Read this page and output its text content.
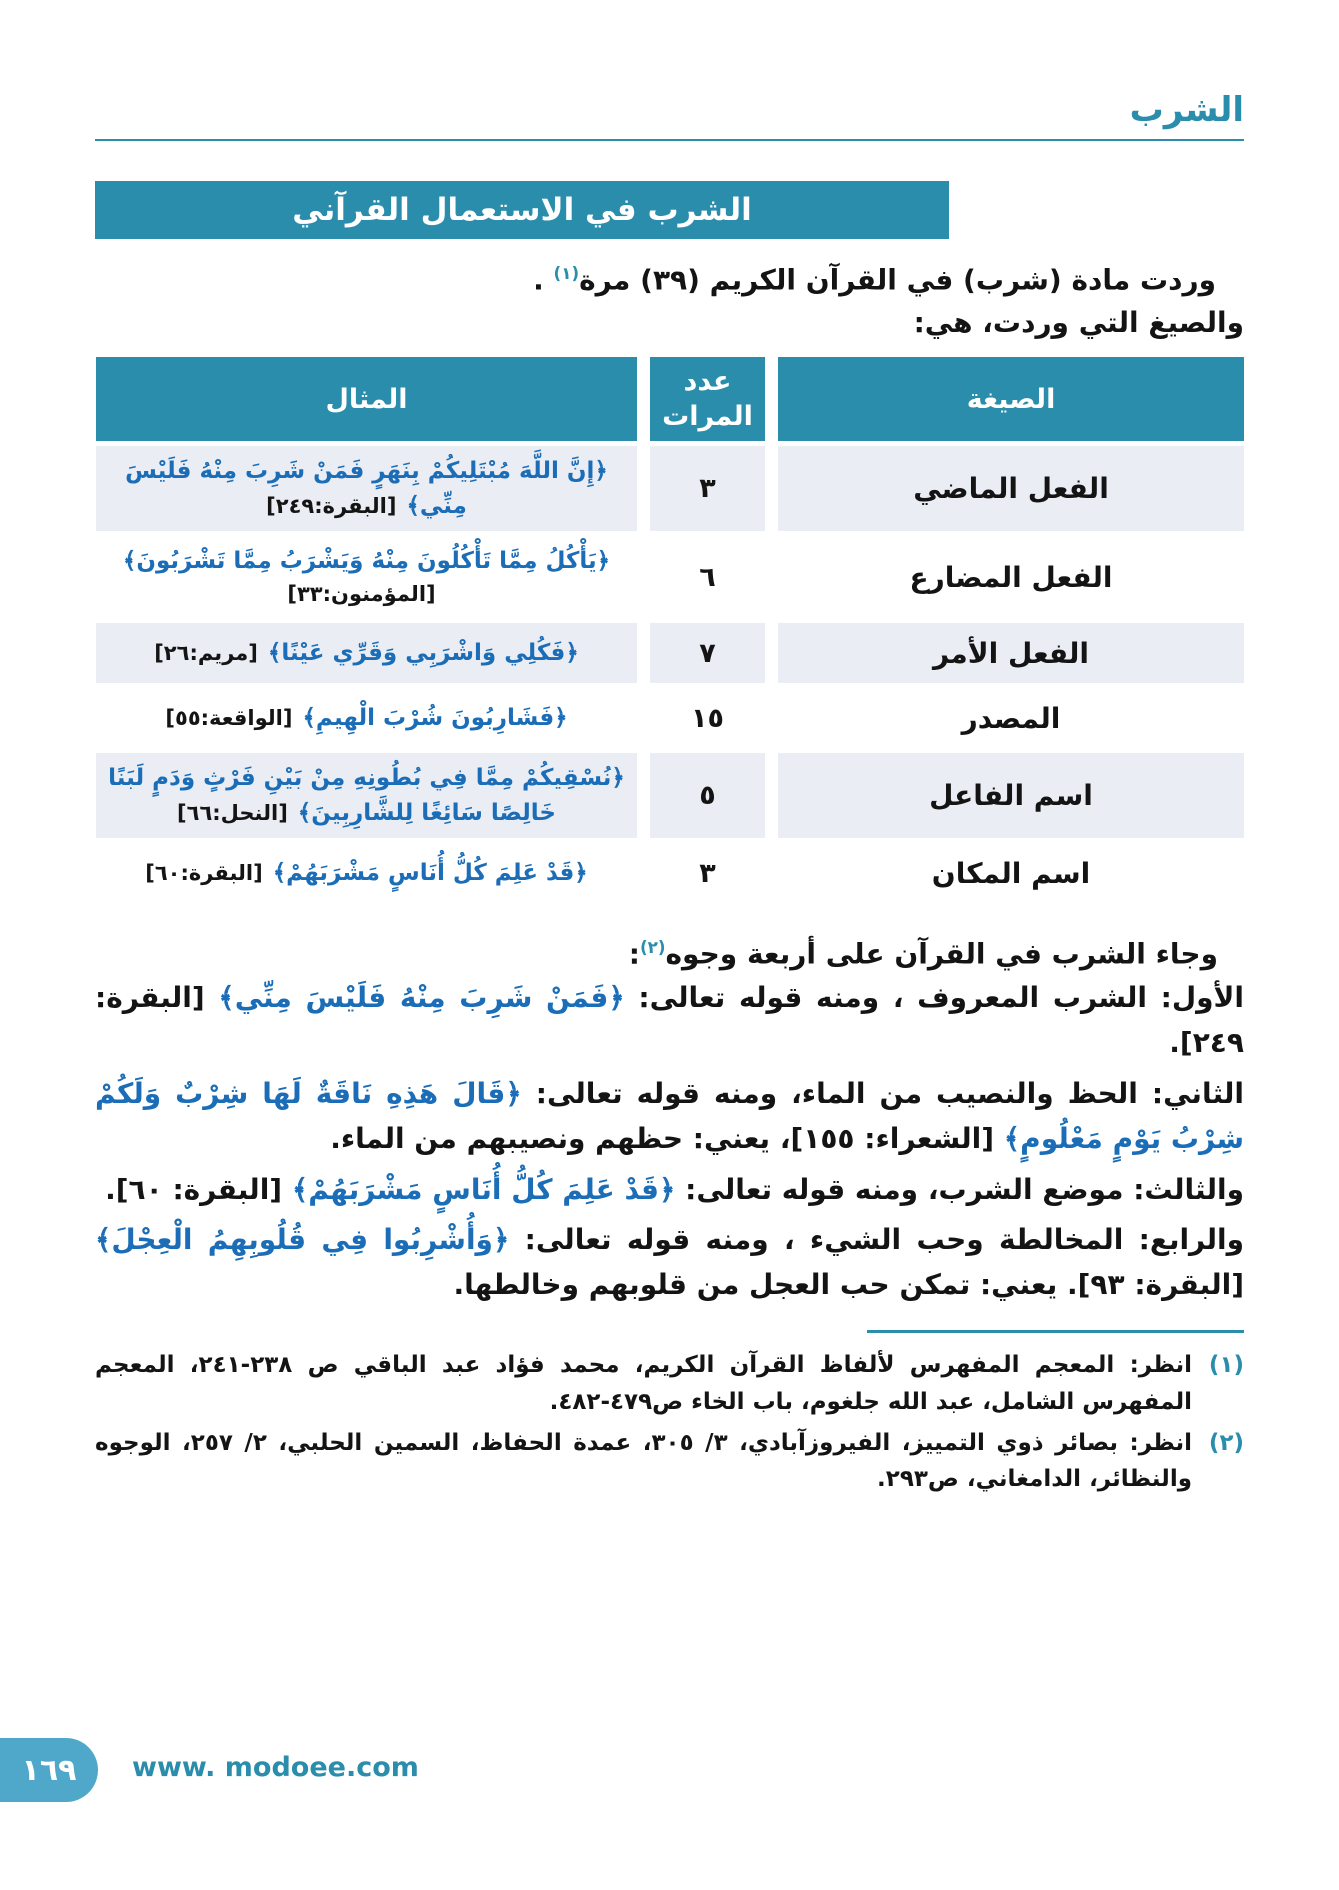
الشرب
الشرب في الاستعمال القرآني

وردت مادة (شرب) في القرآن الكريم (٣٩) مرة$^{(١)}$ .

والصيغ التي وردت، هي:

الصيغة
عدد المرات
المثال
الفعل الماضي
٣
﴿إِنَّ اللَّهَ مُبْتَلِيكُمْ بِنَهَرٍ فَمَنْ شَرِبَ مِنْهُ فَلَيْسَ مِنِّي﴾[البقرة:٢٤٩]
الفعل المضارع
٦
﴿يَأْكُلُ مِمَّا تَأْكُلُونَ مِنْهُ وَيَشْرَبُ مِمَّا تَشْرَبُونَ﴾[المؤمنون:٣٣]
الفعل الأمر
٧
﴿فَكُلِي وَاشْرَبِي وَقَرِّي عَيْنًا﴾[مريم:٢٦]
المصدر
١٥
﴿فَشَارِبُونَ شُرْبَ الْهِيمِ﴾[الواقعة:٥٥]
اسم الفاعل
٥
﴿نُسْقِيكُمْ مِمَّا فِي بُطُونِهِ مِنْ بَيْنِ فَرْثٍ وَدَمٍ لَبَنًا خَالِصًا سَائِغًا لِلشَّارِبِينَ﴾[النحل:٦٦]
اسم المكان
٣
﴿قَدْ عَلِمَ كُلُّ أُنَاسٍ مَشْرَبَهُمْ﴾[البقرة:٦٠]

وجاء الشرب في القرآن على أربعة وجوه$^{(٢)}$:

الأول: الشرب المعروف ، ومنه قوله تعالى: ﴿فَمَنْ شَرِبَ مِنْهُ فَلَيْسَ مِنِّي﴾ [البقرة: ٢٤٩].

الثاني: الحظ والنصيب من الماء، ومنه قوله تعالى: ﴿قَالَ هَذِهِ نَاقَةٌ لَهَا شِرْبٌ وَلَكُمْ شِرْبُ يَوْمٍ مَعْلُومٍ﴾ [الشعراء: ١٥٥]، يعني: حظهم ونصيبهم من الماء.

والثالث: موضع الشرب، ومنه قوله تعالى: ﴿قَدْ عَلِمَ كُلُّ أُنَاسٍ مَشْرَبَهُمْ﴾ [البقرة: ٦٠].

والرابع: المخالطة وحب الشيء ، ومنه قوله تعالى: ﴿وَأُشْرِبُوا فِي قُلُوبِهِمُ الْعِجْلَ﴾ [البقرة: ٩٣]. يعني: تمكن حب العجل من قلوبهم وخالطها.

(١)
انظر: المعجم المفهرس لألفاظ القرآن الكريم، محمد فؤاد عبد الباقي ص ٢٣٨-٢٤١، المعجم المفهرس الشامل، عبد الله جلغوم، باب الخاء ص٤٧٩-٤٨٢.
(٢)
انظر: بصائر ذوي التمييز، الفيروزآبادي، ٣/ ٣٠٥، عمدة الحفاظ، السمين الحلبي، ٢/ ٢٥٧، الوجوه والنظائر، الدامغاني، ص٢٩٣.
١٦٩ www. modoee.com
